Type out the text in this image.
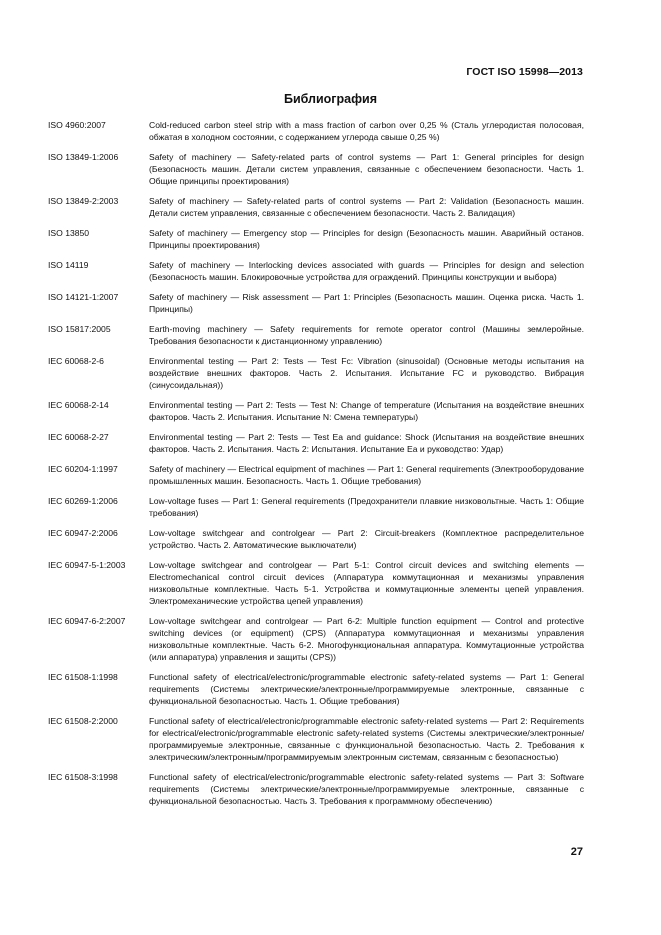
ГОСТ ISO 15998—2013
Библиография
ISO 4960:2007	Cold-reduced carbon steel strip with a mass fraction of carbon over 0,25 % (Сталь углеродистая полосовая, обжатая в холодном состоянии, с содержанием углерода свыше 0,25 %)
ISO 13849-1:2006	Safety of machinery — Safety-related parts of control systems — Part 1: General principles for design (Безопасность машин. Детали систем управления, связанные с обеспечением безопасности. Часть 1. Общие принципы проектирования)
ISO 13849-2:2003	Safety of machinery — Safety-related parts of control systems — Part 2: Validation (Безопасность машин. Детали систем управления, связанные с обеспечением безопасности. Часть 2. Валидация)
ISO 13850	Safety of machinery — Emergency stop — Principles for design (Безопасность машин. Аварийный останов. Принципы проектирования)
ISO 14119	Safety of machinery — Interlocking devices associated with guards — Principles for design and selection (Безопасность машин. Блокировочные устройства для ограждений. Принципы конструкции и выбора)
ISO 14121-1:2007	Safety of machinery — Risk assessment — Part 1: Principles (Безопасность машин. Оценка риска. Часть 1. Принципы)
ISO 15817:2005	Earth-moving machinery — Safety requirements for remote operator control (Машины землеройные. Требования безопасности к дистанционному управлению)
IEC 60068-2-6	Environmental testing — Part 2: Tests — Test Fc: Vibration (sinusoidal) (Основные методы испытания на воздействие внешних факторов. Часть 2. Испытания. Испытание FC и руководство. Вибрация (синусоидальная))
IEC 60068-2-14	Environmental testing — Part 2: Tests — Test N: Change of temperature (Испытания на воздействие внешних факторов. Часть 2. Испытания. Испытание N: Смена температуры)
IEC 60068-2-27	Environmental testing — Part 2: Tests — Test Ea and guidance: Shock (Испытания на воздействие внешних факторов. Часть 2. Испытания. Часть 2: Испытания. Испытание Ea и руководство: Удар)
IEC 60204-1:1997	Safety of machinery — Electrical equipment of machines — Part 1: General requirements (Электрооборудование промышленных машин. Безопасность. Часть 1. Общие требования)
IEC 60269-1:2006	Low-voltage fuses — Part 1: General requirements (Предохранители плавкие низковольтные. Часть 1: Общие требования)
IEC 60947-2:2006	Low-voltage switchgear and controlgear — Part 2: Circuit-breakers (Комплектное распределительное устройство. Часть 2. Автоматические выключатели)
IEC 60947-5-1:2003	Low-voltage switchgear and controlgear — Part 5-1: Control circuit devices and switching elements — Electromechanical control circuit devices (Аппаратура коммутационная и механизмы управления низковольтные комплектные. Часть 5-1. Устройства и коммутационные элементы цепей управления. Электромеханические устройства цепей управления)
IEC 60947-6-2:2007	Low-voltage switchgear and controlgear — Part 6-2: Multiple function equipment — Control and protective switching devices (or equipment) (CPS) (Аппаратура коммутационная и механизмы управления низковольтные комплектные. Часть 6-2. Многофункциональная аппаратура. Коммутационные устройства (или аппаратура) управления и защиты (CPS))
IEC 61508-1:1998	Functional safety of electrical/electronic/programmable electronic safety-related systems — Part 1: General requirements (Системы электрические/электронные/программируемые электронные, связанные с функциональной безопасностью. Часть 1. Общие требования)
IEC 61508-2:2000	Functional safety of electrical/electronic/programmable electronic safety-related systems — Part 2: Requirements for electrical/electronic/programmable electronic safety-related systems (Системы электрические/электронные/программируемые электронные, связанные с функциональной безопасностью. Часть 2. Требования к электрическим/электронным/программируемым электронным системам, связанным с безопасностью)
IEC 61508-3:1998	Functional safety of electrical/electronic/programmable electronic safety-related systems — Part 3: Software requirements (Системы электрические/электронные/программируемые электронные, связанные с функциональной безопасностью. Часть 3. Требования к программному обеспечению)
27
